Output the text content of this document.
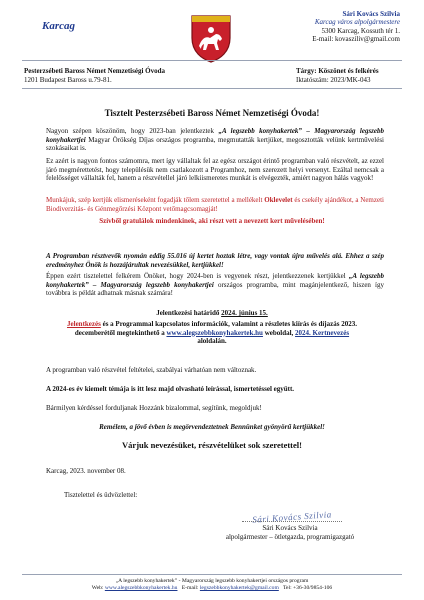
Karcag
Sári Kovács Szilvia
Karcag város alpolgármestere
5300 Karcag, Kossuth tér 1.
E-mail: kovasziliv@gmail.com
Pesterzsébeti Baross Német Nemzetiségi Óvoda
1201 Budapest Baross u.79-81.
Tárgy: Köszönet és felkérés
Iktatószám: 2023/MK-043
Tisztelt Pesterzsébeti Baross Német Nemzetiségi Óvoda!
Nagyon szépen köszönöm, hogy 2023-ban jelentkeztek „A legszebb konyhakertek” – Magyarország legszebb konyhakertjei Magyar Örökség Díjas országos programba, megmutatták kertjüket, megosztották velünk kertművelési szokásaikat is.
Ez azért is nagyon fontos számomra, mert így vállaltak fel az egész országot érintő programban való részvételt, az ezzel járó megmérettetést, hogy településük nem csatlakozott a Programhoz, nem szerezett helyi versenyt. Ezáltal nemcsak a felelősséget vállalták fel, hanem a részvétellel járó lelkiismeretes munkát is elvégezték, amiért nagyon hálás vagyok!
Munkájuk, szép kertjük elismeréseként fogadják tőlem szeretettel a mellékelt Oklevelet és csekély ajándékot, a Nemzeti Biodiverzitás- és Génmegőrzési Központ vetőmagcsomagját!
Szívből gratulálok mindenkinek, aki részt vett a nevezett kert művelésében!
A Programban résztvevők nyomán eddig 55.016 új kertet hoztak létre, vagy vontak újra művelés alá. Ehhez a szép eredményhez Önök is hozzájárultak nevezésükkel, kertjükkel!
Éppen ezért tisztelettel felkérem Önöket, hogy 2024-ben is vegyenek részt, jelentkezzenek kertjükkel „A legszebb konyhakertek” – Magyarország legszebb konyhakertjei országos programba, mint magánjelentkező, hiszen így továbbra is példát adhatnak másnak számára!
Jelentkezési határidő 2024. június 15.
Jelentkezés és a Programmal kapcsolatos információk, valamint a részletes kiírás és díjazás 2023. decemberétől megtekinthető a www.alegszebbkonyhakertek.hu weboldal, 2024. Kertnevezés aloldalán.
A programban való részvétel feltételei, szabályai várhatóan nem változnak.
A 2024-es év kiemelt témája is itt lesz majd olvasható leírással, ismertetéssel együtt.
Bármilyen kérdéssel forduljanak Hozzánk bizalommal, segítünk, megoldjuk!
Remélem, a jövő évben is megörvendeztetnek Bennünket gyönyörű kertjükkel!
Várjuk nevezésüket, részvételüket sok szeretettel!
Karcag, 2023. november 08.
Tisztelettel és üdvözlettel:
Sári Kovács Szilvia
Sári Kovács Szilvia
alpolgármester – ötletgazda, programigazgató
„A legszebb konyhakertek” - Magyarország legszebb konyhakertjei országos program
Web: www.alegszebbkonyhakertek.hu E-mail: legszebbkonyhakertek@gmail.com Tel: +36-30/9854-106
